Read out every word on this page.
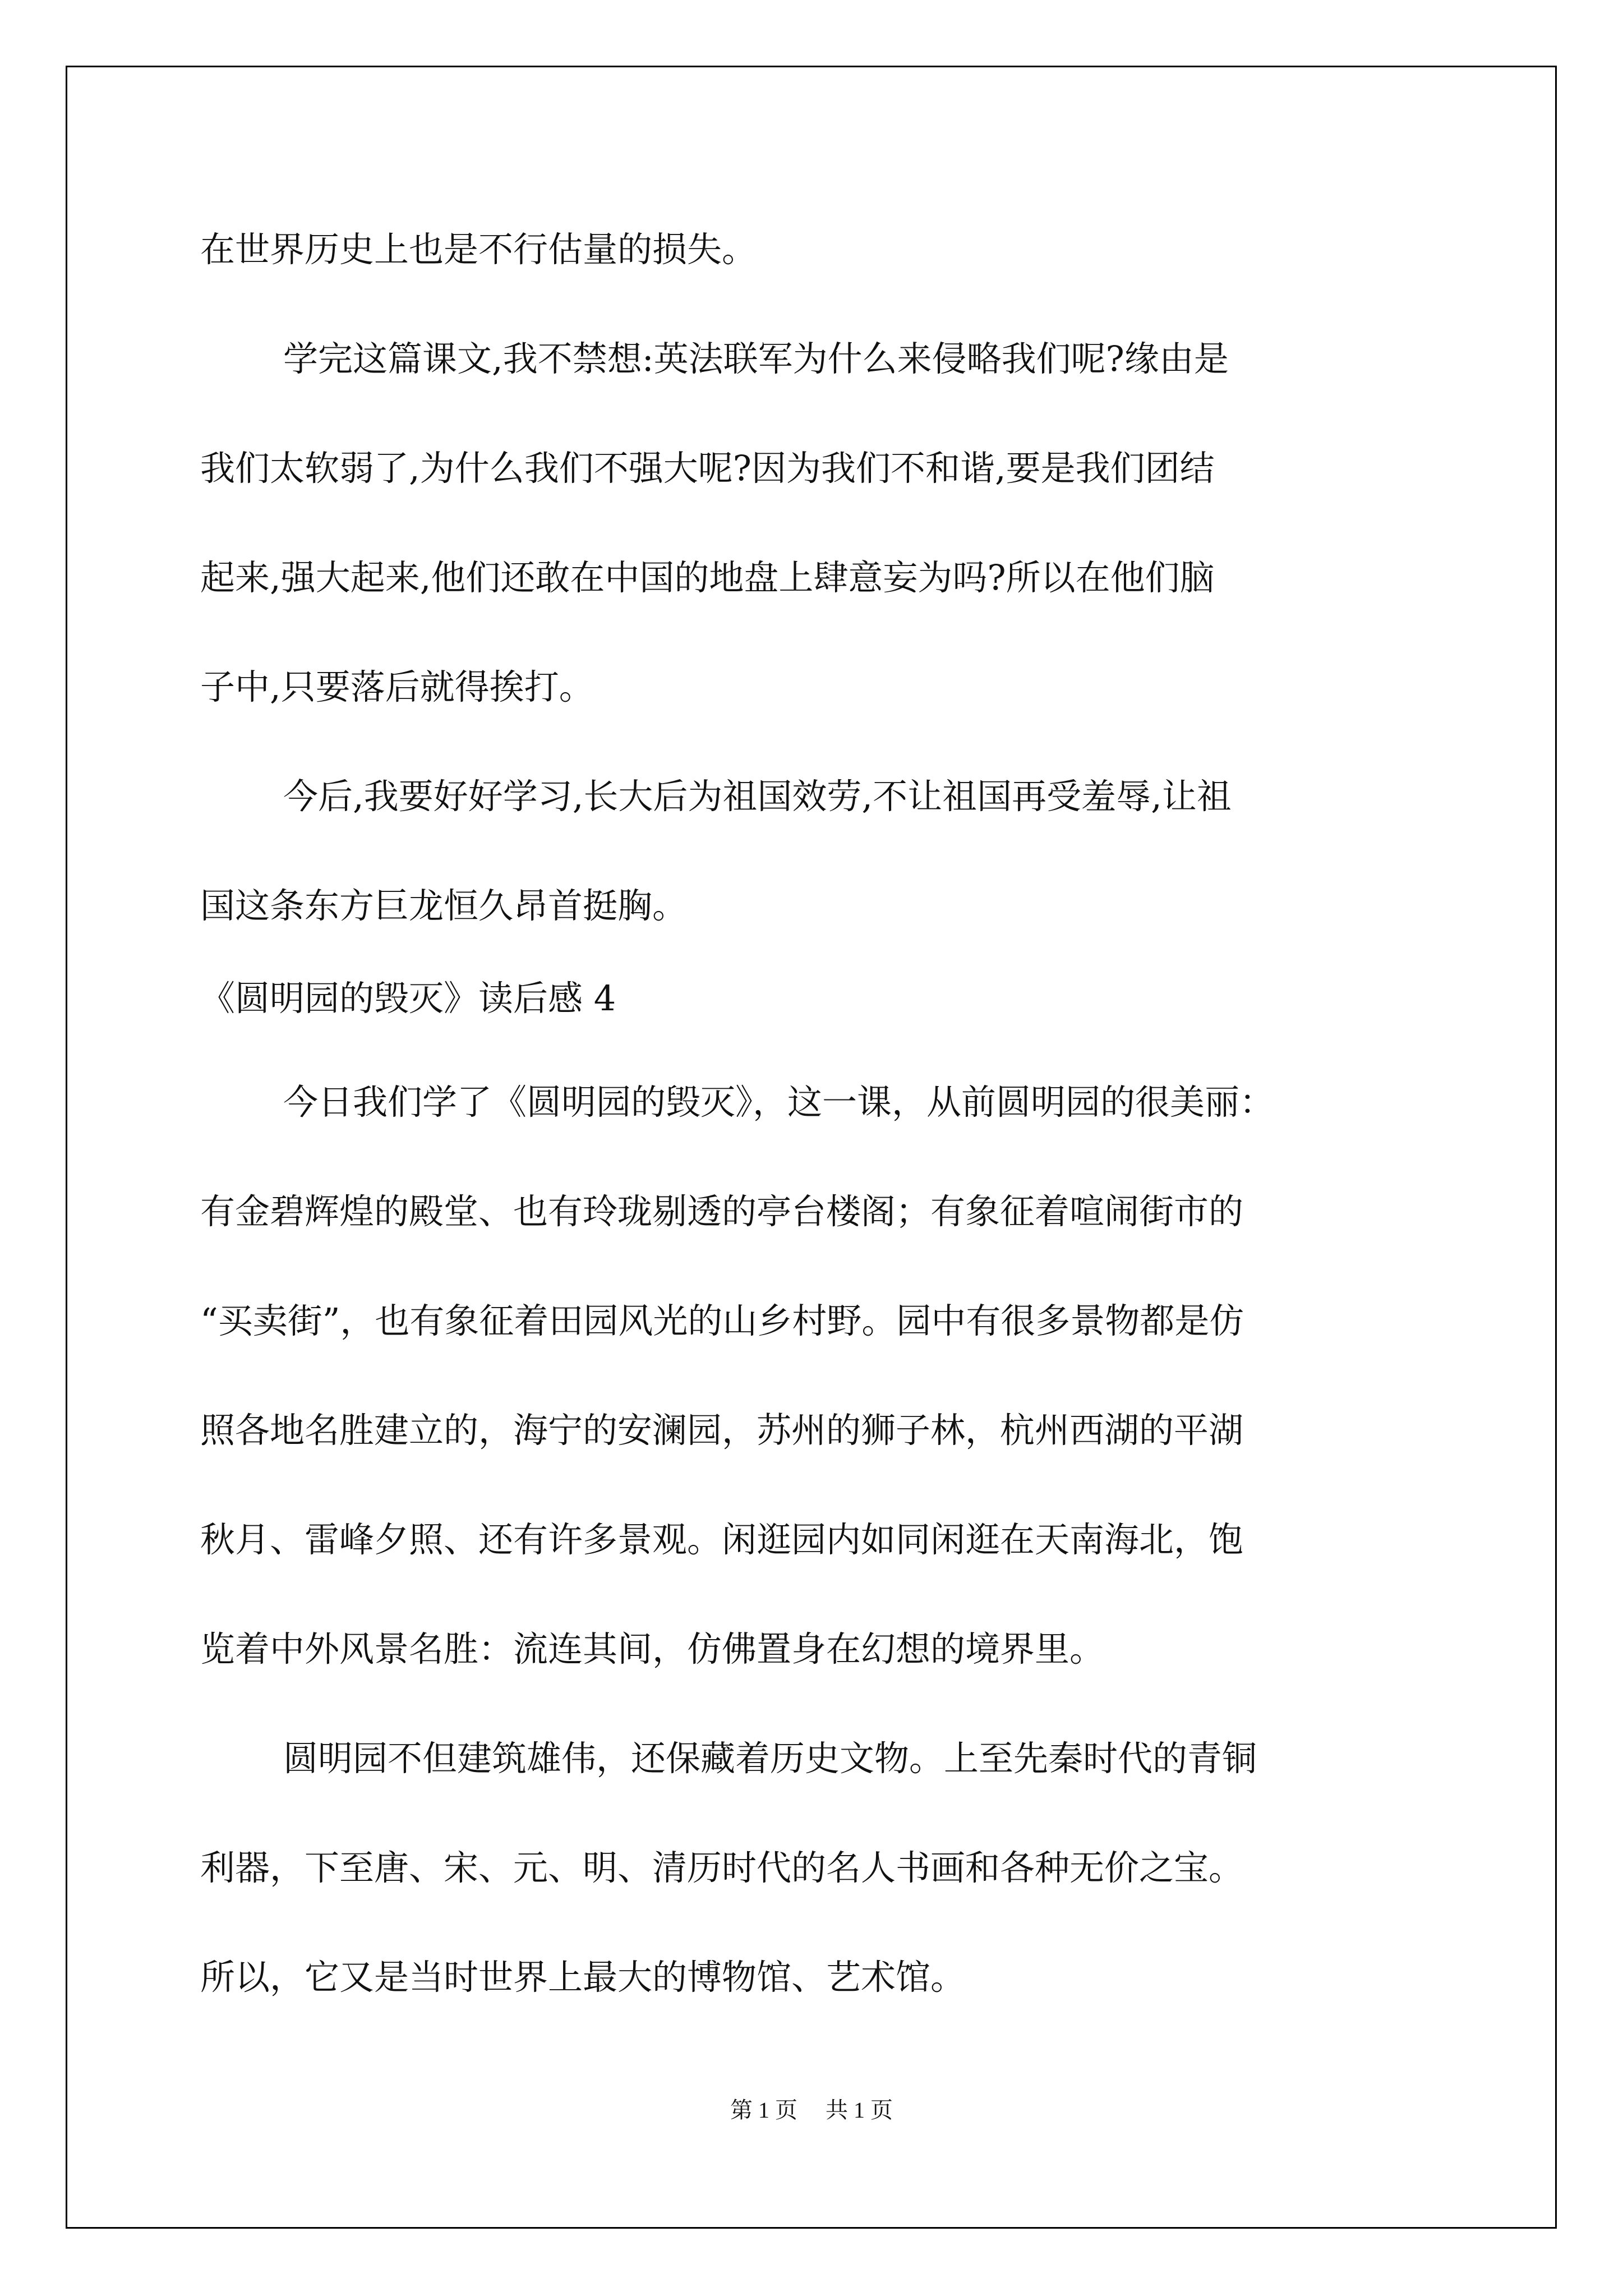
在世界历史上也是不行估量的损失。
学完这篇课文,我不禁想:英法联军为什么来侵略我们呢?缘由是
我们太软弱了,为什么我们不强大呢?因为我们不和谐,要是我们团结
起来,强大起来,他们还敢在中国的地盘上肆意妄为吗?所以在他们脑
子中,只要落后就得挨打。
今后,我要好好学习,长大后为祖国效劳,不让祖国再受羞辱,让祖
国这条东方巨龙恒久昂首挺胸。
《圆明园的毁灭》读后感 4
今日我们学了《圆明园的毁灭》，这一课，从前圆明园的很美丽：
有金碧辉煌的殿堂、也有玲珑剔透的亭台楼阁；有象征着喧闹街市的
“买卖街”，也有象征着田园风光的山乡村野。园中有很多景物都是仿
照各地名胜建立的，海宁的安澜园，苏州的狮子林，杭州西湖的平湖
秋月、雷峰夕照、还有许多景观。闲逛园内如同闲逛在天南海北，饱
览着中外风景名胜：流连其间，仿佛置身在幻想的境界里。
圆明园不但建筑雄伟，还保藏着历史文物。上至先秦时代的青铜
利器，下至唐、宋、元、明、清历时代的名人书画和各种无价之宝。
所以，它又是当时世界上最大的博物馆、艺术馆。
第 1 页 共 1 页
